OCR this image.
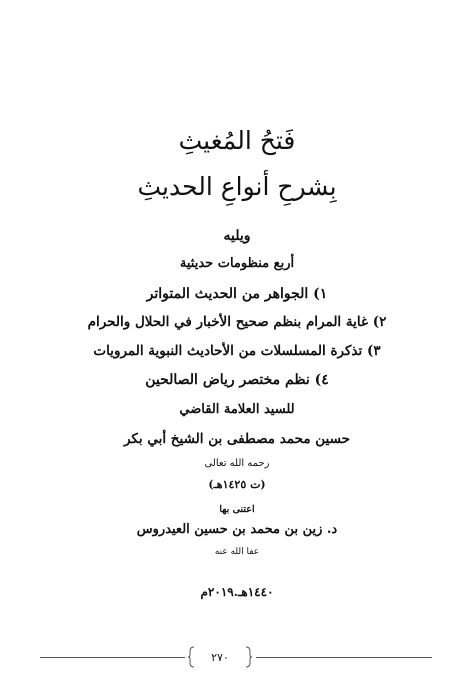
فَتحُ المُغيثِ
بِشرحِ أنواعِ الحديثِ
ويليه
أربع منظومات حديثية
١) الجواهر من الحديث المتواتر
٢) غاية المرام بنظم صحيح الأخبار في الحلال والحرام
٣) تذكرة المسلسلات من الأحاديث النبوية المرويات
٤) نظم مختصر رياض الصالحين
للسيد العلامة القاضي
حسين محمد مصطفى بن الشيخ أبي بكر
رحمه الله تعالى
(ت ١٤٢٥هـ)
اعتنى بها
د. زين بن محمد بن حسين العيدروس
عفا الله عنه
١٤٤٠هـ.٢٠١٩م
٢٧٠
